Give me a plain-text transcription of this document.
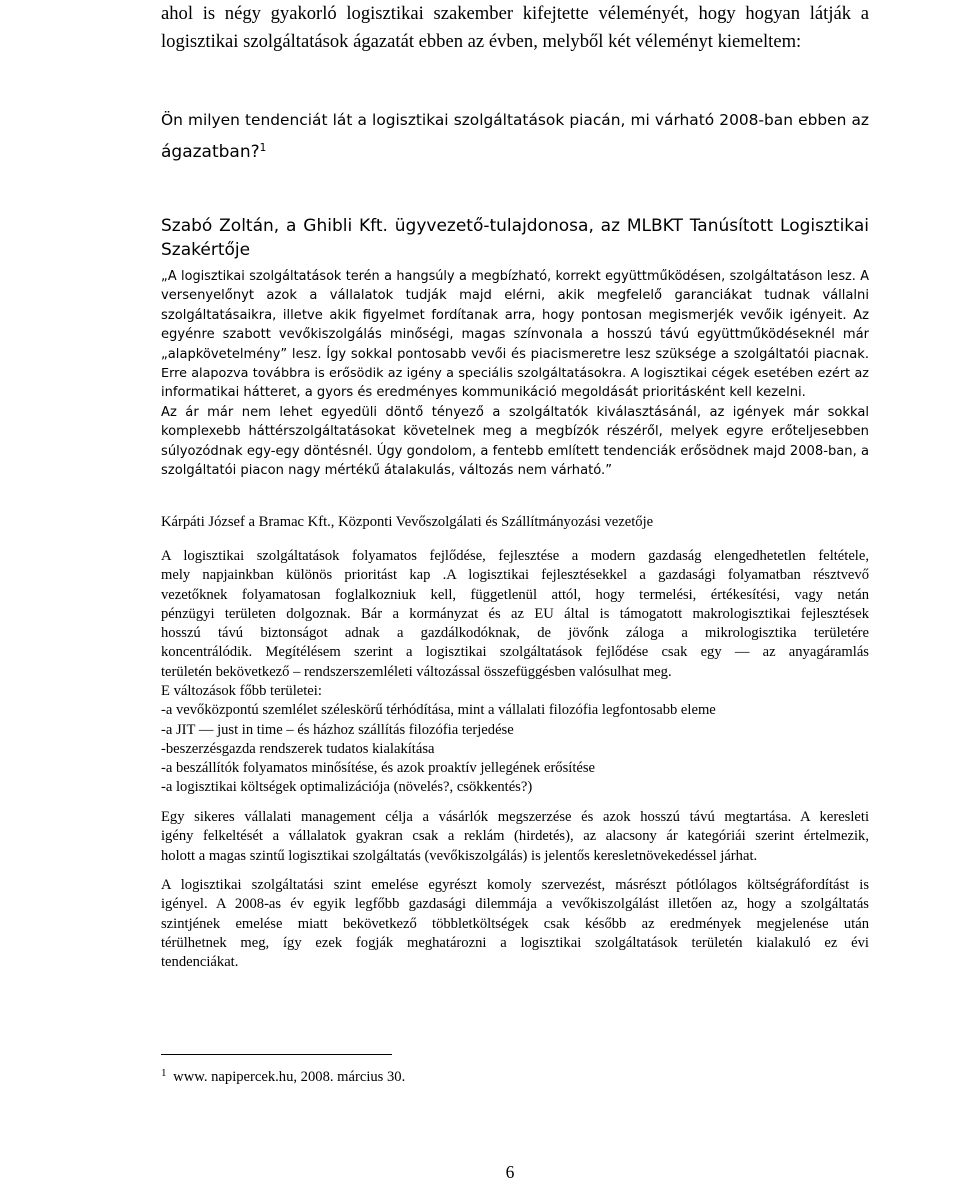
ahol is négy gyakorló logisztikai szakember kifejtette véleményét, hogy hogyan látják a
logisztikai szolgáltatások ágazatát ebben az évben, melyből két véleményt kiemeltem:
Ön milyen tendenciát lát a logisztikai szolgáltatások piacán, mi várható 2008-ban ebben az
ágazatban?$^1$
Szabó Zoltán, a Ghibli Kft. ügyvezető-tulajdonosa, az MLBKT Tanúsított Logisztikai
Szakértője
„A logisztikai szolgáltatások terén a hangsúly a megbízható, korrekt együttműködésen, szolgáltatáson lesz. A
versenyelőnyt azok a vállalatok tudják majd elérni, akik megfelelő garanciákat tudnak vállalni
szolgáltatásaikra, illetve akik figyelmet fordítanak arra, hogy pontosan megismerjék vevőik igényeit. Az
egyénre szabott vevőkiszolgálás minőségi, magas színvonala a hosszú távú együttműködéseknél már
„alapkövetelmény” lesz. Így sokkal pontosabb vevői és piacismeretre lesz szüksége a szolgáltatói piacnak.
Erre alapozva továbbra is erősödik az igény a speciális szolgáltatásokra. A logisztikai cégek esetében ezért az
informatikai hátteret, a gyors és eredményes kommunikáció megoldását prioritásként kell kezelni.
Az ár már nem lehet egyedüli döntő tényező a szolgáltatók kiválasztásánál, az igények már sokkal
komplexebb háttérszolgáltatásokat követelnek meg a megbízók részéről, melyek egyre erőteljesebben
súlyozódnak egy-egy döntésnél. Úgy gondolom, a fentebb említett tendenciák erősödnek majd 2008-ban, a
szolgáltatói piacon nagy mértékű átalakulás, változás nem várható.”
Kárpáti József a Bramac Kft., Központi Vevőszolgálati és Szállítmányozási vezetője
A logisztikai szolgáltatások folyamatos fejlődése, fejlesztése a modern gazdaság elengedhetetlen feltétele,
mely napjainkban különös prioritást kap .A logisztikai fejlesztésekkel a gazdasági folyamatban résztvevő
vezetőknek folyamatosan foglalkozniuk kell, függetlenül attól, hogy termelési, értékesítési, vagy netán
pénzügyi területen dolgoznak. Bár a kormányzat és az EU által is támogatott makrologisztikai fejlesztések
hosszú távú biztonságot adnak a gazdálkodóknak, de jövőnk záloga a mikrologisztika területére
koncentrálódik. Megítélésem szerint a logisztikai szolgáltatások fejlődése csak egy — az anyagáramlás
területén bekövetkező – rendszerszemléleti változással összefüggésben valósulhat meg.
E változások főbb területei:
-a vevőközpontú szemlélet széleskörű térhódítása, mint a vállalati filozófia legfontosabb eleme
-a JIT — just in time – és házhoz szállítás filozófia terjedése
-beszerzésgazda rendszerek tudatos kialakítása
-a beszállítók folyamatos minősítése, és azok proaktív jellegének erősítése
-a logisztikai költségek optimalizációja (növelés?, csökkentés?)
Egy sikeres vállalati management célja a vásárlók megszerzése és azok hosszú távú megtartása. A keresleti
igény felkeltését a vállalatok gyakran csak a reklám (hirdetés), az alacsony ár kategóriái szerint értelmezik,
holott a magas szintű logisztikai szolgáltatás (vevőkiszolgálás) is jelentős keresletnövekedéssel járhat.
A logisztikai szolgáltatási szint emelése egyrészt komoly szervezést, másrészt pótlólagos költségráfordítást is
igényel. A 2008-as év egyik legfőbb gazdasági dilemmája a vevőkiszolgálást illetően az, hogy a szolgáltatás
szintjének emelése miatt bekövetkező többletköltségek csak később az eredmények megjelenése után
térülhetnek meg, így ezek fogják meghatározni a logisztikai szolgáltatások területén kialakuló ez évi
tendenciákat.
$^1$ www. napipercek.hu, 2008. március 30.
6
